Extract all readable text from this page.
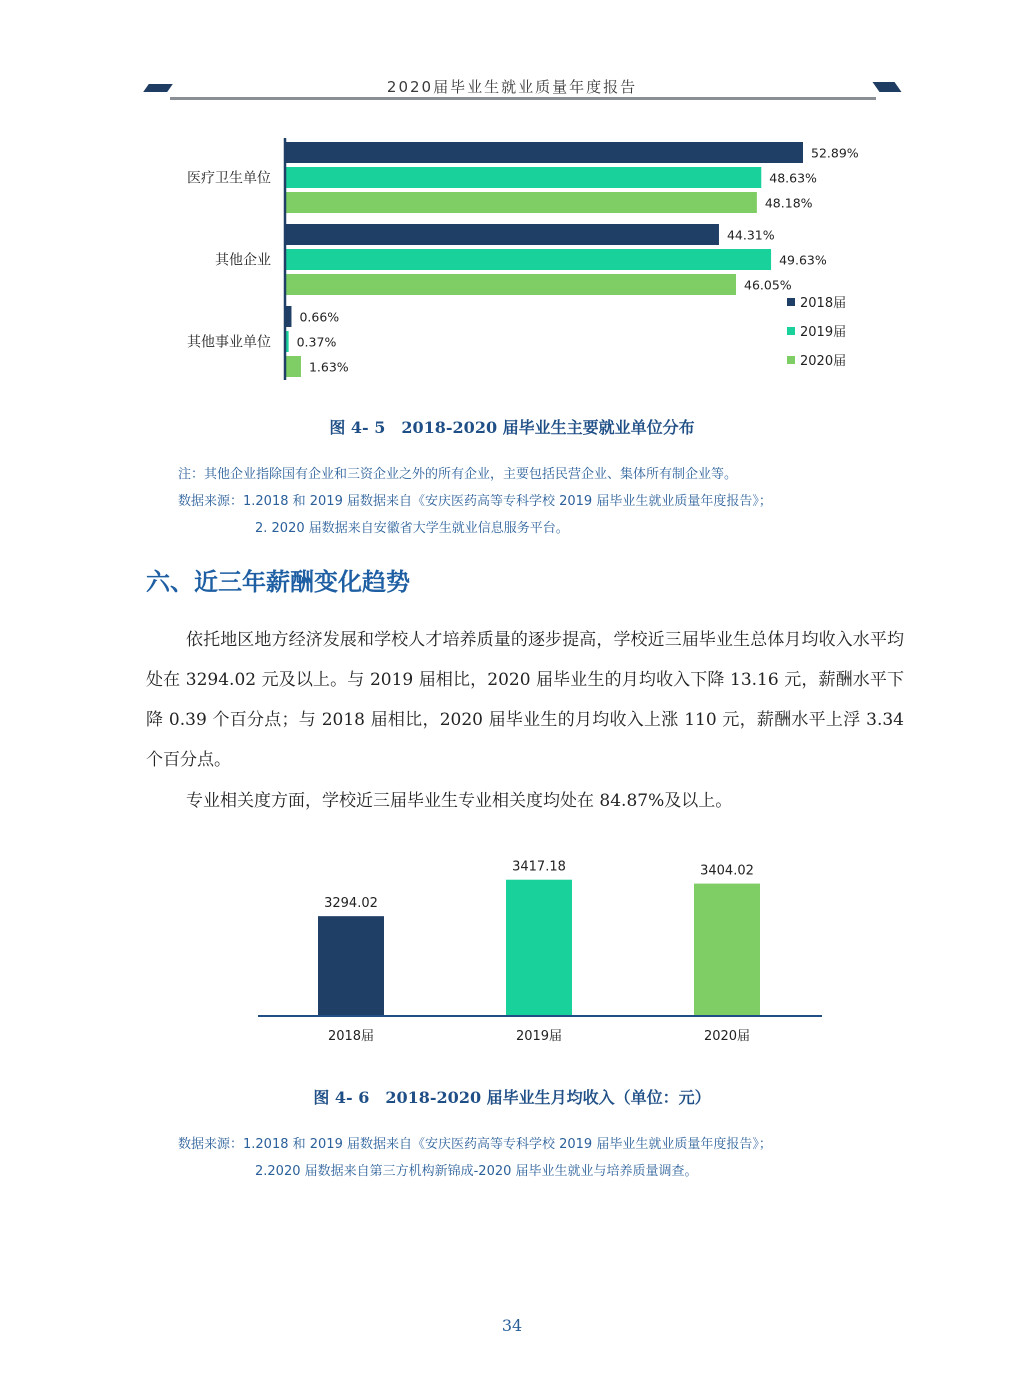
2020届毕业生就业质量年度报告
医疗卫生单位
52.89%
48.63%
48.18%
其他企业
44.31%
49.63%
46.05%
其他事业单位
0.66%
0.37%
1.63%
2018届
2019届
2020届
图 4- 5　2018-2020 届毕业生主要就业单位分布
注：其他企业指除国有企业和三资企业之外的所有企业，主要包括民营企业、集体所有制企业等。
数据来源：1.2018 和 2019 届数据来自《安庆医药高等专科学校 2019 届毕业生就业质量年度报告》；
2. 2020 届数据来自安徽省大学生就业信息服务平台。
六、近三年薪酬变化趋势
依托地区地方经济发展和学校人才培养质量的逐步提高，学校近三届毕业生总体月均收入水平均处在 3294.02 元及以上。与 2019 届相比，2020 届毕业生的月均收入下降 13.16 元，薪酬水平下降 0.39 个百分点；与 2018 届相比，2020 届毕业生的月均收入上涨 110 元，薪酬水平上浮 3.34 个百分点。
专业相关度方面，学校近三届毕业生专业相关度均处在 84.87%及以上。
3294.02
2018届
3417.18
2019届
3404.02
2020届
图 4- 6　2018-2020 届毕业生月均收入（单位：元）
数据来源：1.2018 和 2019 届数据来自《安庆医药高等专科学校 2019 届毕业生就业质量年度报告》；
2.2020 届数据来自第三方机构新锦成-2020 届毕业生就业与培养质量调查。
34
